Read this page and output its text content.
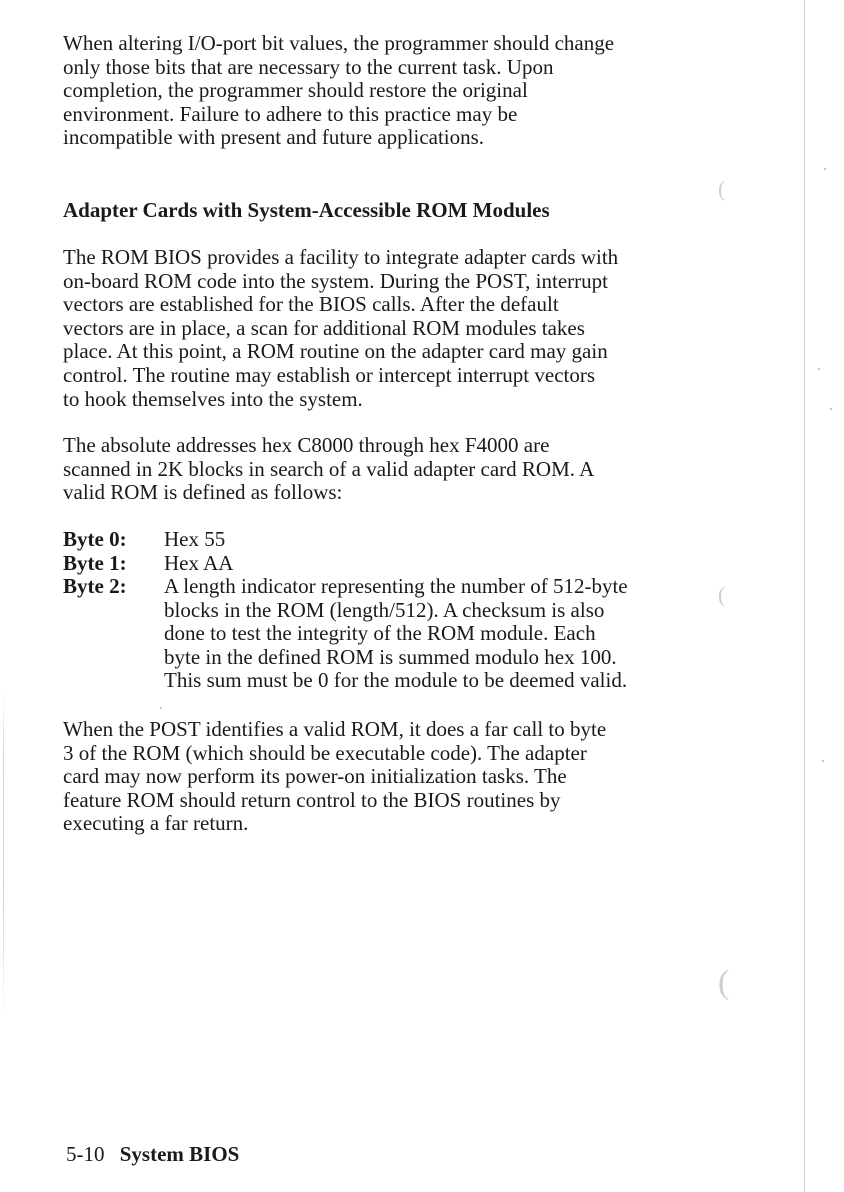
(
(
(

When altering I/O-port bit values, the programmer should change
only those bits that are necessary to the current task. Upon
completion, the programmer should restore the original
environment. Failure to adhere to this practice may be
incompatible with present and future applications.

Adapter Cards with System-Accessible ROM Modules

The ROM BIOS provides a facility to integrate adapter cards with
on-board ROM code into the system. During the POST, interrupt
vectors are established for the BIOS calls. After the default
vectors are in place, a scan for additional ROM modules takes
place. At this point, a ROM routine on the adapter card may gain
control. The routine may establish or intercept interrupt vectors
to hook themselves into the system.

The absolute addresses hex C8000 through hex F4000 are
scanned in 2K blocks in search of a valid adapter card ROM. A
valid ROM is defined as follows:

Byte 0:	Hex 55
Byte 1:	Hex AA
Byte 2:	A length indicator representing the number of 512-byte
blocks in the ROM (length/512). A checksum is also
done to test the integrity of the ROM module. Each
byte in the defined ROM is summed modulo hex 100.
This sum must be 0 for the module to be deemed valid.

When the POST identifies a valid ROM, it does a far call to byte
3 of the ROM (which should be executable code). The adapter
card may now perform its power-on initialization tasks. The
feature ROM should return control to the BIOS routines by
executing a far return.

5-10 System BIOS
